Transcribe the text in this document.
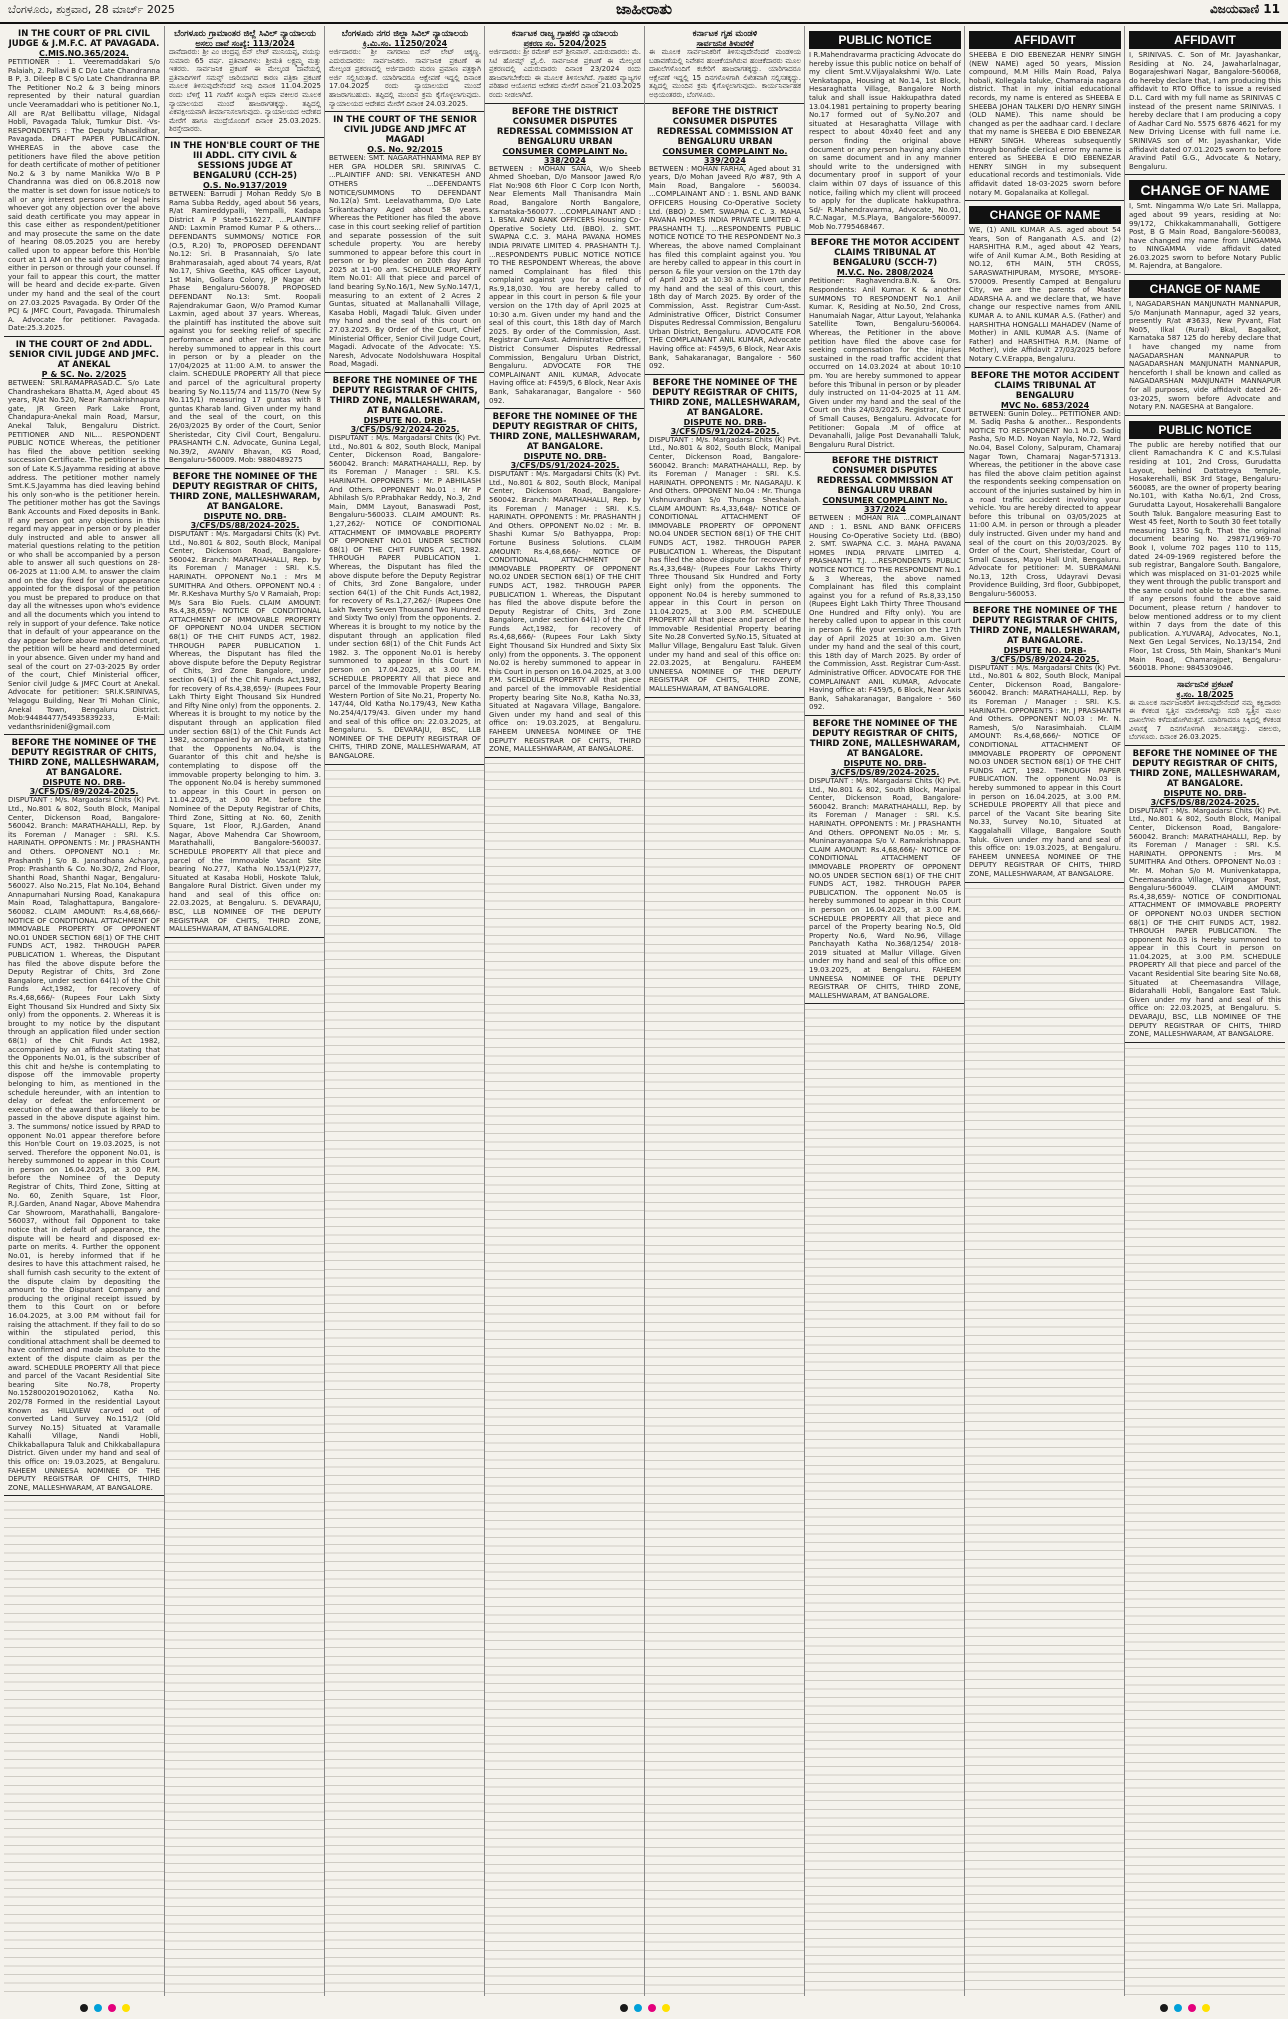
ಬೆಂಗಳೂರು, ಶುಕ್ರವಾರ, 28 ಮಾರ್ಚ್ 2025	ಜಾಹೀರಾತು	ವಿಜಯವಾಣಿ 11
IN THE COURT OF PRL CIVIL JUDGE & J.M.F.C. AT PAVAGADA.
C.MIS.NO.365/2024.
PETITIONER : 1. Veeremaddakari S/o Palaiah, 2. Pallavi B C D/o Late Chandranna B P, 3. Dileep B C S/o Late Chandranna BP. The Petitioner No.2 & 3 being minors represented by their natural guardian uncle Veeramaddari who is petitioner No.1, All are R/at Bellibattu village, Nidagal Hobli, Pavagada Taluk, Tumkur Dist. -Vs- RESPONDENTS : The Deputy Tahasildhar, Pavagada. DRAFT PAPER PUBLICATION. WHEREAS in the above case the petitioners have filed the above petition for death certificate of mother of petitioner No.2 & 3 by name Manikka W/o B P Chandranna was died on 06.8.2018 now the matter is set down for issue notice/s to all or any interest persons or legal heirs whoever got any objection over the above said death certificate you may appear in this case either as respondent/petitioner and may prosecute the same on the date of hearing 08.05.2025 you are hereby called upon to appear before this Hon'ble court at 11 AM on the said date of hearing either in person or through your counsel. If your fail to appear this court, the matter will be heard and decide ex-parte. Given under my hand and the seal of the court on 27.03.2025 Pavagada. By Order Of the PCJ & JMFC Court, Pavagada. Thirumalesh A. Advocate for petitioner. Pavagada. Date:25.3.2025.
IN THE COURT OF 2nd ADDL. SENIOR CIVIL JUDGE AND JMFC. AT ANEKAL
P & SC. No. 2/2025
BETWEEN: SRI.RAMAPRASAD.C. S/o Late Chandrashekara Bhatta.M, Aged about 45 years, R/at No.520, Near Ramakrishnapura gate, JR Green Park Lake Front, Chandapura-Anekal main Road, Marsur, Anekal Taluk, Bengaluru District. PETITIONER AND NIL... RESPONDENT PUBLIC NOTICE Whereas, the petitioner has filed the above petition seeking succession Certificate. The petitioner is the son of Late K.S.Jayamma residing at above address. The petitioner mother namely Smt.K.S.Jayamma has died leaving behind his only son-who is the petitioner herein. The petitioner mother has got the Savings Bank Accounts and Fixed deposits in Bank. If any person got any objections in this regard may appear in person or by pleader duly instructed and able to answer all material questions relating to the petition or who shall be accompanied by a person able to answer all such questions on 28-06-2025 at 11:00 A.M. to answer the claim and on the day fixed for your appearance appointed for the disposal of the petition you must be prepared to produce on that day all the witnesses upon who's evidence and all the documents which you intend to rely in support of your defence. Take notice that in default of your appearance on the day appear before above mentioned court, the petition will be heard and determined in your absence. Given under my hand and seal of the court on 27-03-2025 By order of the court, Chief Ministerial officer, Senior civil Judge & JMFC Court at Anekal. Advocate for petitioner: SRI.K.SRINIVAS, Yelagogu Building, Near Tri Mohan Clinic, Anekal Town, Bengaluru District. Mob:94484477/54935839233, E-Mail: vedanthsrinideni@gmail.com
BEFORE THE NOMINEE OF THE DEPUTY REGISTRAR OF CHITS, THIRD ZONE, MALLESHWARAM, AT BANGALORE.
DISPUTE NO. DRB-3/CFS/DS/89/2024-2025.
DISPUTANT : M/s. Margadarsi Chits (K) Pvt. Ltd., No.801 & 802, South Block, Manipal Center, Dickenson Road, Bangalore-560042. Branch: MARATHAHALLI, Rep. by its Foreman / Manager : SRI. K.S. HARINATH. OPPONENTS : Mr. J PRASHANTH and Others. OPPONENT NO.1 : Mr. Prashanth J S/o B. Janardhana Acharya, Prop: Prashanth & Co. No.3O/2, 2nd Floor, Shanthi Road, Shanthi Nagar, Bengaluru-560027. Also No.215, Flat No.104, Behand Annapurnahari Nursing Road, Kanakapura Main Road, Talaghattapura, Bangalore-560082. CLAIM AMOUNT: Rs.4,68,666/- NOTICE OF CONDITIONAL ATTACHMENT OF IMMOVABLE PROPERTY OF OPPONENT NO.01 UNDER SECTION 68(1) OF THE CHIT FUNDS ACT, 1982. THROUGH PAPER PUBLICATION 1. Whereas, the Disputant has filed the above dispute before the Deputy Registrar of Chits, 3rd Zone Bangalore, under section 64(1) of the Chit Funds Act,1982, for recovery of Rs.4,68,666/- (Rupees Four Lakh Sixty Eight Thousand Six Hundred and Sixty Six only) from the opponents. 2. Whereas it is brought to my notice by the disputant through an application filed under section 68(1) of the Chit Funds Act 1982, accompanied by an affidavit stating that the Opponents No.01, is the subscriber of this chit and he/she is contemplating to dispose off the immovable property belonging to him, as mentioned in the schedule hereunder, with an intention to delay or defeat the enforcement or execution of the award that is likely to be passed in the above dispute against him. 3. The summons/ notice issued by RPAD to opponent No.01 appear therefore before this Hon'ble Court on 19.03.2025, is not served. Therefore the opponent No.01, is hereby summoned to appear in this Court in person on 16.04.2025, at 3.00 P.M. before the Nominee of the Deputy Registrar of Chits, Third Zone, Sitting at No. 60, Zenith Square, 1st Floor, R.J.Garden, Anand Nagar, Above Mahendra Car Showroom, Marathahalli, Bangalore-560037, without fail Opponent to take notice that in default of appearance, the dispute will be heard and disposed ex-parte on merits. 4. Further the opponent No.01, is hereby informed that if he desires to have this attachment raised, he shall furnish cash security to the extent of the dispute claim by depositing the amount to the Disputant Company and producing the original receipt issued by them to this Court on or before 16.04.2025, at 3.00 P.M without fail for raising the attachment. If they fail to do so within the stipulated period, this conditional attachment shall be deemed to have confirmed and made absolute to the extent of the dispute claim as per the award. SCHEDULE PROPERTY All that piece and parcel of the Vacant Residential Site bearing Site No.78, Property No.1528002019O201062, Katha No. 202/78 Formed in the residential Layout Known as HILLVIEW carved out of converted Land Survey No.151/2 (Old Survey No.15) Situated at Varamalle Kahalli Village, Nandi Hobli, Chikkaballapura Taluk and Chikkaballapura District. Given under my hand and seal of this office on: 19.03.2025, at Bengaluru. FAHEEM UNNEESA NOMINEE OF THE DEPUTY REGISTRAR OF CHITS, THIRD ZONE, MALLESHWARAM, AT BANGALORE.
ಬೆಂಗಳೂರು ಗ್ರಾಮಾಂತರ ಜಿಲ್ಲೆ ಸಿವಿಲ್ ನ್ಯಾಯಾಲಯ
ಅಸಲು ದಾವೆ ಸಂಖ್ಯೆ: 113/2024
ದಾವೆದಾರರು: ಶ್ರೀ ಎಂ ಚಂದ್ರಪ್ಪ ಬಿನ್ ಲೇಟ್ ಮುನಿಯಪ್ಪ, ವಯಸ್ಸು ಸುಮಾರು 65 ವರ್ಷ. ಪ್ರತಿವಾದಿಗಳು: ಶ್ರೀಮತಿ ಲಕ್ಷ್ಮಮ್ಮ ಮತ್ತು ಇತರರು. ಸಾರ್ವಜನಿಕ ಪ್ರಕಟಣೆ ಈ ಮೇಲ್ಕಂಡ ದಾವೆಯಲ್ಲಿ ಪ್ರತಿವಾದಿಗಳಿಗೆ ಸಮನ್ಸ್ ಜಾರಿಯಾಗದ ಕಾರಣ ಪತ್ರಿಕಾ ಪ್ರಕಟಣೆ ಮೂಲಕ ತಿಳಿಸುವುದೇನೆಂದರೆ ನೀವು ದಿನಾಂಕ 11.04.2025 ರಂದು ಬೆಳಿಗ್ಗೆ 11 ಗಂಟೆಗೆ ಖುದ್ದಾಗಿ ಅಥವಾ ವಕೀಲರ ಮೂಲಕ ನ್ಯಾಯಾಲಯದ ಮುಂದೆ ಹಾಜರಾಗತಕ್ಕದ್ದು. ತಪ್ಪಿದಲ್ಲಿ ಏಕಪಕ್ಷೀಯವಾಗಿ ತೀರ್ಮಾನಿಸಲಾಗುವುದು. ನ್ಯಾಯಾಲಯದ ಆದೇಶದ ಮೇರೆಗೆ ಹಾಗೂ ಮುದ್ರೆಯೊಂದಿಗೆ ದಿನಾಂಕ 25.03.2025. ಶಿರಸ್ತೇದಾರರು.
IN THE HON'BLE COURT OF THE III ADDL. CITY CIVIL & SESSIONS JUDGE AT BENGALURU (CCH-25)
O.S. No.9137/2019
BETWEEN: Barrudi J Mohan Reddy S/o B Rama Subba Reddy, aged about 56 years, R/at Ramireddypalli, Yempalli, Kadapa District A P State-516227. ...PLAINTIFF AND: Laxmin Pramod Kumar P & others... DEFENDANTS SUMMONS/ NOTICE FOR (O.5, R.20) To, PROPOSED DEFENDANT No.12: Sri. B Prasannaiah, S/o late Brahmarasaiah, aged about 74 years, R/at No.17, Shiva Geetha, KAS officer Layout, 1st Main, Gollara Colony, JP Nagar 4th Phase Bengaluru-560078. PROPOSED DEFENDANT No.13: Smt. Roopali Rajendrakumar Gaon, W/o Pramod Kumar Laxmin, aged about 37 years. Whereas, the plaintiff has instituted the above suit against you for seeking relief of specific performance and other reliefs. You are hereby summoned to appear in this court in person or by a pleader on the 17/04/2025 at 11:00 A.M. to answer the claim. SCHEDULE PROPERTY All that piece and parcel of the agricultural property bearing Sy No.115/74 and 115/70 (New Sy No.115/1) measuring 17 guntas with 8 guntas Kharab land. Given under my hand and the seal of the court, on this 26/03/2025 By order of the Court, Senior Sheristedar, City Civil Court, Bengaluru. PRASHANTH C.N. Advocate, Gunina Legal, No.39/2, AVANIV Bhavan, KG Road, Bengaluru-560009. Mob: 9880489275
BEFORE THE NOMINEE OF THE DEPUTY REGISTRAR OF CHITS, THIRD ZONE, MALLESHWARAM, AT BANGALORE.
DISPUTE NO. DRB-3/CFS/DS/88/2024-2025.
DISPUTANT : M/s. Margadarsi Chits (K) Pvt. Ltd., No.801 & 802, South Block, Manipal Center, Dickenson Road, Bangalore-560042. Branch: MARATHAHALLI, Rep. by its Foreman / Manager : SRI. K.S. HARINATH. OPPONENT No.1 : Mrs M SUMITHRA And Others. OPPONENT NO.4 : Mr. R.Keshava Murthy S/o V Ramaiah, Prop: M/s Sara Bio Fuels. CLAIM AMOUNT: Rs.4,38,659/- NOTICE OF CONDITIONAL ATTACHMENT OF IMMOVABLE PROPERTY OF OPPONENT NO.04 UNDER SECTION 68(1) OF THE CHIT FUNDS ACT, 1982. THROUGH PAPER PUBLICATION 1. Whereas, the Disputant has filed the above dispute before the Deputy Registrar of Chits, 3rd Zone Bangalore, under section 64(1) of the Chit Funds Act,1982, for recovery of Rs.4,38,659/- (Rupees Four Lakh Thirty Eight Thousand Six Hundred and Fifty Nine only) from the opponents. 2. Whereas it is brought to my notice by the disputant through an application filed under section 68(1) of the Chit Funds Act 1982, accompanied by an affidavit stating that the Opponents No.04, is the Guarantor of this chit and he/she is contemplating to dispose off the immovable property belonging to him. 3. The opponent No.04 is hereby summoned to appear in this Court in person on 11.04.2025, at 3.00 P.M. before the Nominee of the Deputy Registrar of Chits, Third Zone, Sitting at No. 60, Zenith Square, 1st Floor, R.J.Garden, Anand Nagar, Above Mahendra Car Showroom, Marathahalli, Bangalore-560037. SCHEDULE PROPERTY All that piece and parcel of the Immovable Vacant Site bearing No.277, Katha No.153/1(P)277, Situated at Kasaba Hobli, Hoskote Taluk, Bangalore Rural District. Given under my hand and seal of this office on: 22.03.2025, at Bengaluru. S. DEVARAJU, BSC, LLB NOMINEE OF THE DEPUTY REGISTRAR OF CHITS, THIRD ZONE, MALLESHWARAM, AT BANGALORE.
ಬೆಂಗಳೂರು ನಗರ ಜಿಲ್ಲಾ ಸಿವಿಲ್ ನ್ಯಾಯಾಲಯ
ಕ್ರಿ.ಮಿ.ಸಂ. 11250/2024
ಅರ್ಜಿದಾರರು: ಶ್ರೀ ನಾಗರಾಜು ಬಿನ್ ಲೇಟ್ ಚಿಕ್ಕಣ್ಣ. ಎದುರುದಾರರು: ಸಾರ್ವಜನಿಕರು. ಸಾರ್ವಜನಿಕ ಪ್ರಕಟಣೆ ಈ ಮೇಲ್ಕಂಡ ಪ್ರಕರಣದಲ್ಲಿ ಅರ್ಜಿದಾರರು ಮರಣ ಪ್ರಮಾಣ ಪತ್ರಕ್ಕಾಗಿ ಅರ್ಜಿ ಸಲ್ಲಿಸಿರುತ್ತಾರೆ. ಯಾರಿಗಾದರೂ ಆಕ್ಷೇಪಣೆ ಇದ್ದಲ್ಲಿ ದಿನಾಂಕ 17.04.2025 ರಂದು ನ್ಯಾಯಾಲಯದ ಮುಂದೆ ಹಾಜರಾಗಬಹುದು. ತಪ್ಪಿದಲ್ಲಿ ಮುಂದಿನ ಕ್ರಮ ಕೈಗೊಳ್ಳಲಾಗುವುದು. ನ್ಯಾಯಾಲಯದ ಆದೇಶದ ಮೇರೆಗೆ ದಿನಾಂಕ 24.03.2025.
IN THE COURT OF THE SENIOR CIVIL JUDGE AND JMFC AT MAGADI
O.S. No. 92/2015
BETWEEN: SMT. NAGARATHNAMMA REP BY HER GPA HOLDER SRI. SRINIVAS C. ...PLAINTIFF AND: SRI. VENKATESH AND OTHERS ...DEFENDANTS NOTICE/SUMMONS TO DEFENDANT No.12(a) Smt. Leelavathamma, D/o Late Srikantachary Aged about 58 years. Whereas the Petitioner has filed the above case in this court seeking relief of partition and separate possession of the suit schedule property. You are hereby summoned to appear before this court in person or by pleader on 20th day April 2025 at 11-00 am. SCHEDULE PROPERTY Item No.01: All that piece and parcel of land bearing Sy.No.16/1, New Sy.No.147/1, measuring to an extent of 2 Acres 2 Guntas, situated at Mallanahalli Village, Kasaba Hobli, Magadi Taluk. Given under my hand and the seal of this court on 27.03.2025. By Order of the Court, Chief Ministerial Officer, Senior Civil Judge Court, Magadi. Advocate of the Advocate: Y.S. Naresh, Advocate Nodolshuwara Hospital Road, Magadi.
BEFORE THE NOMINEE OF THE DEPUTY REGISTRAR OF CHITS, THIRD ZONE, MALLESHWARAM, AT BANGALORE.
DISPUTE NO. DRB-3/CFS/DS/92/2024-2025.
DISPUTANT : M/s. Margadarsi Chits (K) Pvt. Ltd., No.801 & 802, South Block, Manipal Center, Dickenson Road, Bangalore-560042. Branch: MARATHAHALLI, Rep. by its Foreman / Manager : SRI. K.S. HARINATH. OPPONENTS : Mr. P ABHILASH And Others. OPPONENT No.01 : Mr P Abhilash S/o P.Prabhakar Reddy, No.3, 2nd Main, DMM Layout, Banaswadi Post, Bengaluru-560033. CLAIM AMOUNT: Rs. 1,27,262/- NOTICE OF CONDITIONAL ATTACHMENT OF IMMOVABLE PROPERTY OF OPPONENT NO.01 UNDER SECTION 68(1) OF THE CHIT FUNDS ACT, 1982. THROUGH PAPER PUBLICATION 1. Whereas, the Disputant has filed the above dispute before the Deputy Registrar of Chits, 3rd Zone Bangalore, under section 64(1) of the Chit Funds Act,1982, for recovery of Rs.1,27,262/- (Rupees One Lakh Twenty Seven Thousand Two Hundred and Sixty Two only) from the opponents. 2. Whereas it is brought to my notice by the disputant through an application filed under section 68(1) of the Chit Funds Act 1982. 3. The opponent No.01 is hereby summoned to appear in this Court in person on 17.04.2025, at 3.00 P.M. SCHEDULE PROPERTY All that piece and parcel of the Immovable Property Bearing Western Portion of Site No.21, Property No. 147/44, Old Katha No.179/43, New Katha No.254/4/179/43. Given under my hand and seal of this office on: 22.03.2025, at Bengaluru. S. DEVARAJU, BSC, LLB NOMINEE OF THE DEPUTY REGISTRAR OF CHITS, THIRD ZONE, MALLESHWARAM, AT BANGALORE.
ಕರ್ನಾಟಕ ರಾಜ್ಯ ಗ್ರಾಹಕರ ನ್ಯಾಯಾಲಯ
ಪ್ರಕರಣ ಸಂ. 5204/2025
ಅರ್ಜಿದಾರರು: ಶ್ರೀ ರಮೇಶ್ ಬಿನ್ ಶ್ರೀನಿವಾಸ್. ಎದುರುದಾರರು: ಮೆ. ಸಿಟಿ ಹೋಮ್ಸ್ ಪ್ರೈ.ಲಿ. ಸಾರ್ವಜನಿಕ ಪ್ರಕಟಣೆ ಈ ಮೇಲ್ಕಂಡ ಪ್ರಕರಣದಲ್ಲಿ ಎದುರುದಾರರು ದಿನಾಂಕ 23/2024 ರಂದು ಹಾಜರಾಗಬೇಕೆಂದು ಈ ಮೂಲಕ ತಿಳಿಸಲಾಗಿದೆ. ಗ್ರಾಹಕರ ವ್ಯಾಜ್ಯಗಳ ಪರಿಹಾರ ಆಯೋಗದ ಆದೇಶದ ಮೇರೆಗೆ ದಿನಾಂಕ 21.03.2025 ರಂದು ನೀಡಲಾಗಿದೆ.
BEFORE THE DISTRICT CONSUMER DISPUTES REDRESSAL COMMISSION AT BENGALURU URBAN
CONSUMER COMPLAINT No. 338/2024
BETWEEN : MOHAN SANA, W/o Sheeb Ahmed Shoeban, D/o Mansoor Jawed R/o Flat No:908 6th Floor C Corp Icon North, Near Elements Mall Thanisandra Main Road, Bangalore North Bangalore, Karnataka-560077. ...COMPLAINANT AND : 1. BSNL AND BANK OFFICERS Housing Co-Operative Society Ltd. (BBO). 2. SMT. SWAPNA C.C. 3. MAHA PAVANA HOMES INDIA PRIVATE LIMITED 4. PRASHANTH T.J. ...RESPONDENTS PUBLIC NOTICE NOTICE TO THE RESPONDENT Whereas, the above named Complainant has filed this complaint against you for a refund of Rs.9,18,030. You are hereby called to appear in this court in person & file your version on the 17th day of April 2025 at 10:30 a.m. Given under my hand and the seal of this court, this 18th day of March 2025. By order of the Commission, Asst. Registrar Cum-Asst. Administrative Officer, District Consumer Disputes Redressal Commission, Bengaluru Urban District, Bengaluru. ADVOCATE FOR THE COMPLAINANT ANIL KUMAR, Advocate Having office at: F459/5, 6 Block, Near Axis Bank, Sahakaranagar, Bangalore - 560 092.
BEFORE THE NOMINEE OF THE DEPUTY REGISTRAR OF CHITS, THIRD ZONE, MALLESHWARAM, AT BANGALORE.
DISPUTE NO. DRB-3/CFS/DS/91/2024-2025.
DISPUTANT : M/s. Margadarsi Chits (K) Pvt. Ltd., No.801 & 802, South Block, Manipal Center, Dickenson Road, Bangalore-560042. Branch: MARATHAHALLI, Rep. by its Foreman / Manager : SRI. K.S. HARINATH. OPPONENTS : Mr. PRASHANTH J And Others. OPPONENT No.02 : Mr. B. Shashi Kumar S/o Bathyappa, Prop: Fortune Business Solutions. CLAIM AMOUNT: Rs.4,68,666/- NOTICE OF CONDITIONAL ATTACHMENT OF IMMOVABLE PROPERTY OF OPPONENT NO.02 UNDER SECTION 68(1) OF THE CHIT FUNDS ACT, 1982. THROUGH PAPER PUBLICATION 1. Whereas, the Disputant has filed the above dispute before the Deputy Registrar of Chits, 3rd Zone Bangalore, under section 64(1) of the Chit Funds Act,1982, for recovery of Rs.4,68,666/- (Rupees Four Lakh Sixty Eight Thousand Six Hundred and Sixty Six only) from the opponents. 3. The opponent No.02 is hereby summoned to appear in this Court in person on 16.04.2025, at 3.00 P.M. SCHEDULE PROPERTY All that piece and parcel of the immovable Residential Property bearing Site No.8, Katha No.33, Situated at Nagavara Village, Bangalore. Given under my hand and seal of this office on: 19.03.2025, at Bengaluru. FAHEEM UNNEESA NOMINEE OF THE DEPUTY REGISTRAR OF CHITS, THIRD ZONE, MALLESHWARAM, AT BANGALORE.
ಕರ್ನಾಟಕ ಗೃಹ ಮಂಡಳಿ
ಸಾರ್ವಜನಿಕ ತಿಳುವಳಿಕೆ
ಈ ಮೂಲಕ ಸಾರ್ವಜನಿಕರಿಗೆ ತಿಳಿಸುವುದೇನೆಂದರೆ ಮಂಡಳಿಯ ಬಡಾವಣೆಯಲ್ಲಿ ನಿವೇಶನ ಹಂಚಿಕೆಯಾಗಿರುವ ಹಂಚಿಕೆದಾರರು ಮೂಲ ದಾಖಲೆಗಳೊಂದಿಗೆ ಕಚೇರಿಗೆ ಹಾಜರಾಗತಕ್ಕದ್ದು. ಯಾರಿಗಾದರೂ ಆಕ್ಷೇಪಣೆ ಇದ್ದಲ್ಲಿ 15 ದಿನಗಳೊಳಗಾಗಿ ಲಿಖಿತವಾಗಿ ಸಲ್ಲಿಸತಕ್ಕದ್ದು. ತಪ್ಪಿದಲ್ಲಿ ಮುಂದಿನ ಕ್ರಮ ಕೈಗೊಳ್ಳಲಾಗುವುದು. ಕಾರ್ಯನಿರ್ವಾಹಕ ಅಭಿಯಂತರರು, ಬೆಂಗಳೂರು.
BEFORE THE DISTRICT CONSUMER DISPUTES REDRESSAL COMMISSION AT BENGALURU URBAN
CONSUMER COMPLAINT No. 339/2024
BETWEEN : MOHAN FARHA, Aged about 31 years, D/o Mohan Javeed R/o #87, 9th A Main Road, Bangalore - 560034. ...COMPLAINANT AND : 1. BSNL AND BANK OFFICERS Housing Co-Operative Society Ltd. (BBO) 2. SMT. SWAPNA C.C. 3. MAHA PAVANA HOMES INDIA PRIVATE LIMITED 4. PRASHANTH T.J. ...RESPONDENTS PUBLIC NOTICE NOTICE TO THE RESPONDENT No.3 Whereas, the above named Complainant has filed this complaint against you. You are hereby called to appear in this court in person & file your version on the 17th day of April 2025 at 10:30 a.m. Given under my hand and the seal of this court, this 18th day of March 2025. By order of the Commission, Asst. Registrar Cum-Asst. Administrative Officer, District Consumer Disputes Redressal Commission, Bengaluru Urban District, Bengaluru. ADVOCATE FOR THE COMPLAINANT ANIL KUMAR, Advocate Having office at: F459/5, 6 Block, Near Axis Bank, Sahakaranagar, Bangalore - 560 092.
BEFORE THE NOMINEE OF THE DEPUTY REGISTRAR OF CHITS, THIRD ZONE, MALLESHWARAM, AT BANGALORE.
DISPUTE NO. DRB-3/CFS/DS/91/2024-2025.
DISPUTANT : M/s. Margadarsi Chits (K) Pvt. Ltd., No.801 & 802, South Block, Manipal Center, Dickenson Road, Bangalore-560042. Branch: MARATHAHALLI, Rep. by its Foreman / Manager : SRI. K.S. HARINATH. OPPONENTS : Mr. NAGARAJU. K And Others. OPPONENT No.04 : Mr. Thunga Vishnuvardhan S/o Thunga Sheshaiah. CLAIM AMOUNT: Rs.4,33,648/- NOTICE OF CONDITIONAL ATTACHMENT OF IMMOVABLE PROPERTY OF OPPONENT NO.04 UNDER SECTION 68(1) OF THE CHIT FUNDS ACT, 1982. THROUGH PAPER PUBLICATION 1. Whereas, the Disputant has filed the above dispute for recovery of Rs.4,33,648/- (Rupees Four Lakhs Thirty Three Thousand Six Hundred and Forty Eight only) from the opponents. The opponent No.04 is hereby summoned to appear in this Court in person on 11.04.2025, at 3.00 P.M. SCHEDULE PROPERTY All that piece and parcel of the Immovable Residential Property bearing Site No.28 Converted Sy.No.15, Situated at Mallur Village, Bengaluru East Taluk. Given under my hand and seal of this office on: 22.03.2025, at Bengaluru. FAHEEM UNNEESA NOMINEE OF THE DEPUTY REGISTRAR OF CHITS, THIRD ZONE, MALLESHWARAM, AT BANGALORE.
PUBLIC NOTICE
I R.Mahendravarma practicing Advocate do hereby issue this public notice on behalf of my client Smt.V.Vijayalakshmi W/o. Late Venkatappa, Housing at No.14, 1st Block, Hesaraghatta Village, Bangalore North taluk and shall issue Hakkupathra dated 13.04.1981 pertaining to property bearing No.17 formed out of Sy.No.207 and situated at Hesaraghatta Village with respect to about 40x40 feet and any person finding the original above document or any person having any claim on same document and in any manner should write to the undersigned with documentary proof in support of your claim within 07 days of issuance of this notice, failing which my client will proceed to apply for the duplicate hakkupathra. Sd/- R.Mahendravarma, Advocate, No.01, R.C.Nagar, M.S.Playa, Bangalore-560097. Mob No.7795468467.
BEFORE THE MOTOR ACCIDENT CLAIMS TRIBUNAL AT BENGALURU (SCCH-7)
M.V.C. No. 2808/2024
Petitioner: Raghavendra.B.N. & Ors. Respondents: Anil Kumar. K & another SUMMONS TO RESPONDENT No.1 Anil Kumar. K, Residing at No.50, 2nd Cross, Hanumaiah Nagar, Attur Layout, Yelahanka Satellite Town, Bengaluru-560064. Whereas, the Petitioner in the above petition have filed the above case for seeking compensation for the injuries sustained in the road traffic accident that occurred on 14.03.2024 at about 10:10 pm. You are hereby summoned to appear before this Tribunal in person or by pleader duly instructed on 11-04-2025 at 11 AM. Given under my hand and the seal of the Court on this 24/03/2025. Registrar, Court of Small Causes, Bengaluru. Advocate for Petitioner: Gopala .M of office at Devanahalli, Jalige Post Devanahalli Taluk, Bengaluru Rural District.
BEFORE THE DISTRICT CONSUMER DISPUTES REDRESSAL COMMISSION AT BENGALURU URBAN
CONSUMER COMPLAINT No. 337/2024
BETWEEN : MOHAN RIA ...COMPLAINANT AND : 1. BSNL AND BANK OFFICERS Housing Co-Operative Society Ltd. (BBO) 2. SMT. SWAPNA C.C. 3. MAHA PAVANA HOMES INDIA PRIVATE LIMITED 4. PRASHANTH T.J. ...RESPONDENTS PUBLIC NOTICE NOTICE TO THE RESPONDENT No.1 & 3 Whereas, the above named Complainant has filed this complaint against you for a refund of Rs.8,33,150 (Rupees Eight Lakh Thirty Three Thousand One Hundred and Fifty only). You are hereby called upon to appear in this court in person & file your version on the 17th day of April 2025 at 10:30 a.m. Given under my hand and the seal of this court, this 18th day of March 2025. By order of the Commission, Asst. Registrar Cum-Asst. Administrative Officer. ADVOCATE FOR THE COMPLAINANT ANIL KUMAR, Advocate Having office at: F459/5, 6 Block, Near Axis Bank, Sahakaranagar, Bangalore - 560 092.
BEFORE THE NOMINEE OF THE DEPUTY REGISTRAR OF CHITS, THIRD ZONE, MALLESHWARAM, AT BANGALORE.
DISPUTE NO. DRB-3/CFS/DS/89/2024-2025.
DISPUTANT : M/s. Margadarsi Chits (K) Pvt. Ltd., No.801 & 802, South Block, Manipal Center, Dickenson Road, Bangalore-560042. Branch: MARATHAHALLI, Rep. by its Foreman / Manager : SRI. K.S. HARINATH. OPPONENTS : Mr. J PRASHANTH And Others. OPPONENT No.05 : Mr. S. Muninarayanappa S/o V. Ramakrishnappa. CLAIM AMOUNT: Rs.4,68,666/- NOTICE OF CONDITIONAL ATTACHMENT OF IMMOVABLE PROPERTY OF OPPONENT NO.05 UNDER SECTION 68(1) OF THE CHIT FUNDS ACT, 1982. THROUGH PAPER PUBLICATION. The opponent No.05 is hereby summoned to appear in this Court in person on 16.04.2025, at 3.00 P.M. SCHEDULE PROPERTY All that piece and parcel of the Property bearing No.5, Old Property No.6, Ward No.96, Village Panchayath Katha No.368/1254/ 2018-2019 situated at Mallur Village. Given under my hand and seal of this office on: 19.03.2025, at Bengaluru. FAHEEM UNNEESA NOMINEE OF THE DEPUTY REGISTRAR OF CHITS, THIRD ZONE, MALLESHWARAM, AT BANGALORE.
AFFIDAVIT
SHEEBA E DIO EBENEZAR HENRY SINGH (NEW NAME) aged 50 years, Mission compound, M.M Hills Main Road, Palya hobali, Kollegala taluke, Chamaraja nagara district. That in my initial educational records, my name is entered as SHEEBA E SHEEBA JOHAN TALKERI D/O HENRY SINGH (OLD NAME). This name should be changed as per the aadhaar card. I declare that my name is SHEEBA E DIO EBENEZAR HENRY SINGH. Whereas subsequently through bonafide clerical error my name is entered as SHEEBA E DIO EBENEZAR HENRY SINGH in my subsequent educational records and testimonials. Vide affidavit dated 18-03-2025 sworn before notary M. Gopalanaika at Kollegal.
CHANGE OF NAME
WE, (1) ANIL KUMAR A.S. aged about 54 Years, Son of Ranganath A.S. and (2) HARSHITHA R.M., aged about 42 Years, wife of Anil Kumar A.M., Both Residing at NO.12, 6TH MAIN, 5TH CROSS, SARASWATHIPURAM, MYSORE, MYSORE-570009. Presently Camped at Bengaluru City, we are the parents of Master ADARSHA A. and we declare that, we have change our respective names from ANIL KUMAR A. to ANIL KUMAR A.S. (Father) and HARSHITHA HONGALLI MAHADEV (Name of Mother) in ANIL KUMAR A.S. (Name of Father) and HARSHITHA R.M. (Name of Mother), vide Affidavit 27/03/2025 before Notary C.V.Erappa, Bengaluru.
BEFORE THE MOTOR ACCIDENT CLAIMS TRIBUNAL AT BENGALURU
MVC No. 6853/2024
BETWEEN: Gunin Doley... PETITIONER AND: M. Sadiq Pasha & another... Respondents NOTICE TO RESPONDENT No.1 M.D. Sadiq Pasha, S/o M.D. Noyan Nayla, No.72, Ward No.04, Basel Colony, Salpuram, Chamaraj Nagar Town, Chamaraj Nagar-571313. Whereas, the petitioner in the above case has filed the above claim petition against the respondents seeking compensation on account of the injuries sustained by him in a road traffic accident involving your vehicle. You are hereby directed to appear before this tribunal on 03/05/2025 at 11:00 A.M. in person or through a pleader duly instructed. Given under my hand and seal of the court on this 20/03/2025. By Order of the Court, Sheristedar, Court of Small Causes, Mayo Hall Unit, Bengaluru. Advocate for petitioner: M. SUBRAMANI No.13, 12th Cross, Udayravi Devasi Providence Building, 3rd floor, Gubbipopet, Bengaluru-560053.
BEFORE THE NOMINEE OF THE DEPUTY REGISTRAR OF CHITS, THIRD ZONE, MALLESHWARAM, AT BANGALORE.
DISPUTE NO. DRB-3/CFS/DS/89/2024-2025.
DISPUTANT : M/s. Margadarsi Chits (K) Pvt. Ltd., No.801 & 802, South Block, Manipal Center, Dickenson Road, Bangalore-560042. Branch: MARATHAHALLI, Rep. by its Foreman / Manager : SRI. K.S. HARINATH. OPPONENTS : Mr. J PRASHANTH And Others. OPPONENT NO.03 : Mr. N. Ramesh, S/o Narasimhaiah. CLAIM AMOUNT: Rs.4,68,666/- NOTICE OF CONDITIONAL ATTACHMENT OF IMMOVABLE PROPERTY OF OPPONENT NO.03 UNDER SECTION 68(1) OF THE CHIT FUNDS ACT, 1982. THROUGH PAPER PUBLICATION. The opponent No.03 is hereby summoned to appear in this Court in person on 16.04.2025, at 3.00 P.M. SCHEDULE PROPERTY All that piece and parcel of the Vacant Site bearing Site No.33, Survey No.10, Situated at Kaggalahalli Village, Bangalore South Taluk. Given under my hand and seal of this office on: 19.03.2025, at Bengaluru. FAHEEM UNNEESA NOMINEE OF THE DEPUTY REGISTRAR OF CHITS, THIRD ZONE, MALLESHWARAM, AT BANGALORE.
AFFIDAVIT
I, SRINIVAS. C. Son of Mr. Jayashankar, Residing at No. 24, Jawaharlalnagar, Bogarajeshwari Nagar, Bangalore-560068, do hereby declare that, I am producing this affidavit to RTO Office to issue a revised D.L. Card with my full name as SRINIVAS C instead of the present name SRINIVAS. I hereby declare that I am producing a copy of Aadhar Card No. 5575 6876 4621 for my New Driving License with full name i.e. SRINIVAS son of Mr. Jayashankar, Vide affidavit dated 07.01.2025 sworn to before Aravind Patil G.G., Advocate & Notary, Bengaluru.
CHANGE OF NAME
I, Smt. Ningamma W/o Late Sri. Mallappa, aged about 99 years, residing at No: 99/172, Chikkakammanahalli, Gottigere Post, B G Main Road, Bangalore-560083, have changed my name from LINGAMMA to NINGAMMA vide affidavit dated 26.03.2025 sworn to before Notary Public M. Rajendra, at Bangalore.
CHANGE OF NAME
I, NAGADARSHAN MANJUNATH MANNAPUR, S/o Manjunath Mannapur, aged 32 years, presently R/at #3633, New Pyvant, Flat No05, Ilkal (Rural) Bkal, Bagalkot, Karnataka 587 125 do hereby declare that I have changed my name from NAGADARSHAN MANNAPUR to NAGADARSHAN MANJUNATH MANNAPUR, henceforth I shall be known and called as NAGADARSHAN MANJUNATH MANNAPUR for all purposes, vide affidavit dated 26-03-2025, sworn before Advocate and Notary P.N. NAGESHA at Bangalore.
PUBLIC NOTICE
The public are hereby notified that our client Ramachandra K C and K.S.Tulasi residing at 101, 2nd Cross, Gurudatta Layout, behind Dattatreya Temple, Hosakerehalli, BSK 3rd Stage, Bengaluru-560085, are the owner of property bearing No.101, with Katha No.6/1, 2nd Cross, Gurudatta Layout, Hosakerehalli Bangalore South Taluk. Bangalore measuring East to West 45 feet, North to South 30 feet totally measuring 1350 Sq.ft. That the original document bearing No. 29871/1969-70 Book I, volume 702 pages 110 to 115, dated 24-09-1969 registered before the sub registrar, Bangalore South. Bangalore, which was misplaced on 31-01-2025 while they went through the public transport and the same could not able to trace the same. If any persons found the above said Document, please return / handover to below mentioned address or to my client within 7 days from the date of this publication. A.YUVARAJ, Advocates, No.1, Next Gen Legal Services, No.13/154, 2nd Floor, 1st Cross, 5th Main, Shankar's Muni Main Road, Chamarajpet, Bengaluru-560018. Phone: 9845309046.
ಸಾರ್ವಜನಿಕ ಪ್ರಕಟಣೆ
ಕ್ರ.ಸಂ. 18/2025
ಈ ಮೂಲಕ ಸಾರ್ವಜನಿಕರಿಗೆ ತಿಳಿಸುವುದೇನೆಂದರೆ ನಮ್ಮ ಕಕ್ಷಿದಾರರು ಈ ಕೆಳಕಂಡ ಸ್ವತ್ತಿನ ಮಾಲೀಕರಾಗಿದ್ದು ಸದರಿ ಸ್ವತ್ತಿನ ಮೂಲ ದಾಖಲೆಗಳು ಕಳೆದುಹೋಗಿರುತ್ತವೆ. ಯಾರಿಗಾದರೂ ಸಿಕ್ಕಿದಲ್ಲಿ ಕೆಳಕಂಡ ವಿಳಾಸಕ್ಕೆ 7 ದಿನಗಳೊಳಗಾಗಿ ತಲುಪಿಸತಕ್ಕದ್ದು. ವಕೀಲರು, ಬೆಂಗಳೂರು. ದಿನಾಂಕ 26.03.2025.
BEFORE THE NOMINEE OF THE DEPUTY REGISTRAR OF CHITS, THIRD ZONE, MALLESHWARAM, AT BANGALORE.
DISPUTE NO. DRB-3/CFS/DS/88/2024-2025.
DISPUTANT : M/s. Margadarsi Chits (K) Pvt. Ltd., No.801 & 802, South Block, Manipal Center, Dickenson Road, Bangalore-560042. Branch: MARATHAHALLI, Rep. by its Foreman / Manager : SRI. K.S. HARINATH. OPPONENTS : Mrs. M SUMITHRA And Others. OPPONENT No.03 : Mr. M. Mohan S/o M. Munivenkatappa, Cheemasandra Village, Virgonagar Post, Bengaluru-560049. CLAIM AMOUNT: Rs.4,38,659/- NOTICE OF CONDITIONAL ATTACHMENT OF IMMOVABLE PROPERTY OF OPPONENT NO.03 UNDER SECTION 68(1) OF THE CHIT FUNDS ACT, 1982. THROUGH PAPER PUBLICATION. The opponent No.03 is hereby summoned to appear in this Court in person on 11.04.2025, at 3.00 P.M. SCHEDULE PROPERTY All that piece and parcel of the Vacant Residential Site bearing Site No.68, Situated at Cheemasandra Village, Bidarahalli Hobli, Bangalore East Taluk. Given under my hand and seal of this office on: 22.03.2025, at Bengaluru. S. DEVARAJU, BSC, LLB NOMINEE OF THE DEPUTY REGISTRAR OF CHITS, THIRD ZONE, MALLESHWARAM, AT BANGALORE.
